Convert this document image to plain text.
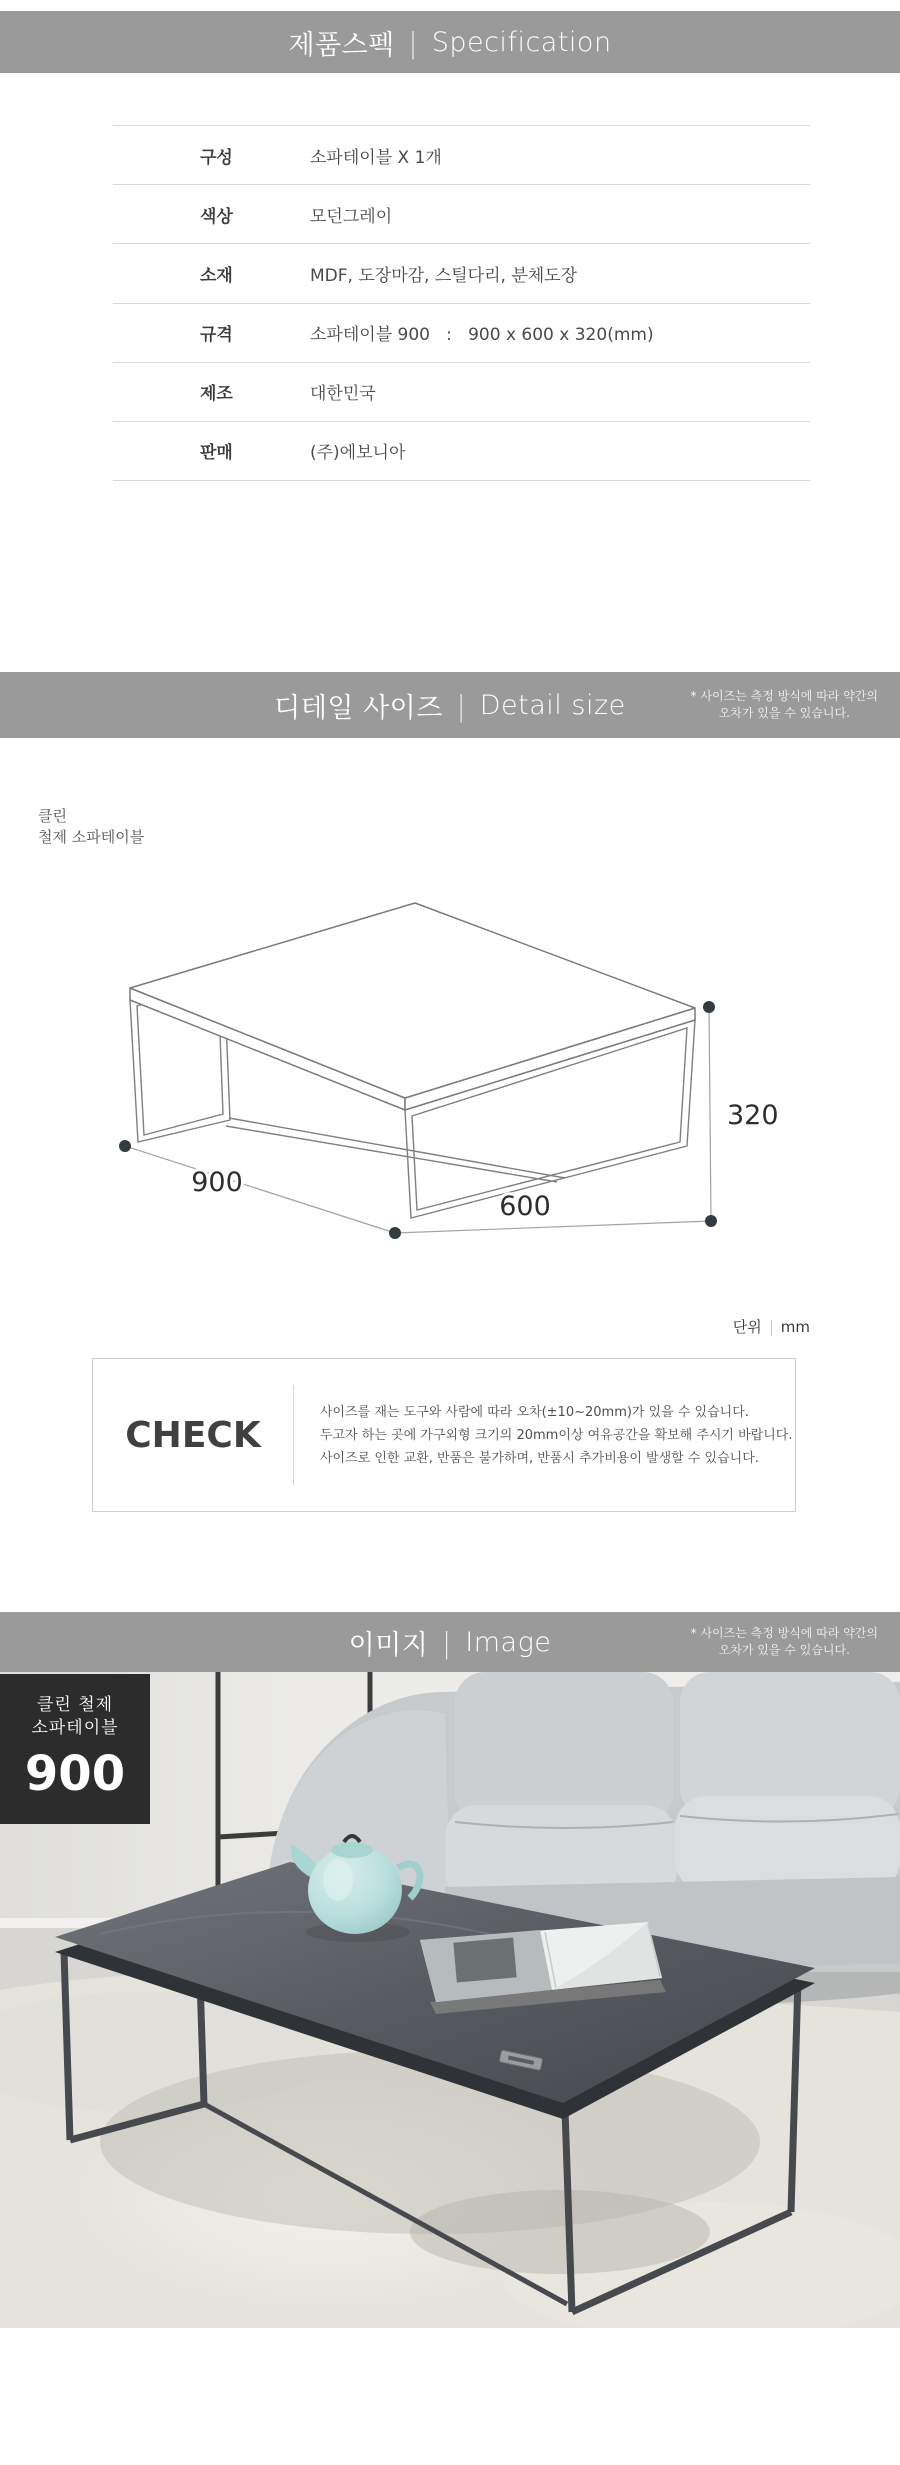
제품스펙 | Specification
구성	소파테이블 X 1개
색상	모던그레이
소재	MDF, 도장마감, 스틸다리, 분체도장
규격	소파테이블 900   :   900 x 600 x 320(mm)
제조	대한민국
판매	(주)에보니아
디테일 사이즈 | Detail size	* 사이즈는 측정 방식에 따라 약간의
오차가 있을 수 있습니다.
클린
철제 소파테이블
900
600
320
단위 | mm
CHECK
사이즈를 재는 도구와 사람에 따라 오차(±10~20mm)가 있을 수 있습니다.
두고자 하는 곳에 가구외형 크기의 20mm이상 여유공간을 확보해 주시기 바랍니다.
사이즈로 인한 교환, 반품은 불가하며, 반품시 추가비용이 발생할 수 있습니다.
이미지 | Image	* 사이즈는 측정 방식에 따라 약간의
오차가 있을 수 있습니다.
클린 철제
소파테이블
900
